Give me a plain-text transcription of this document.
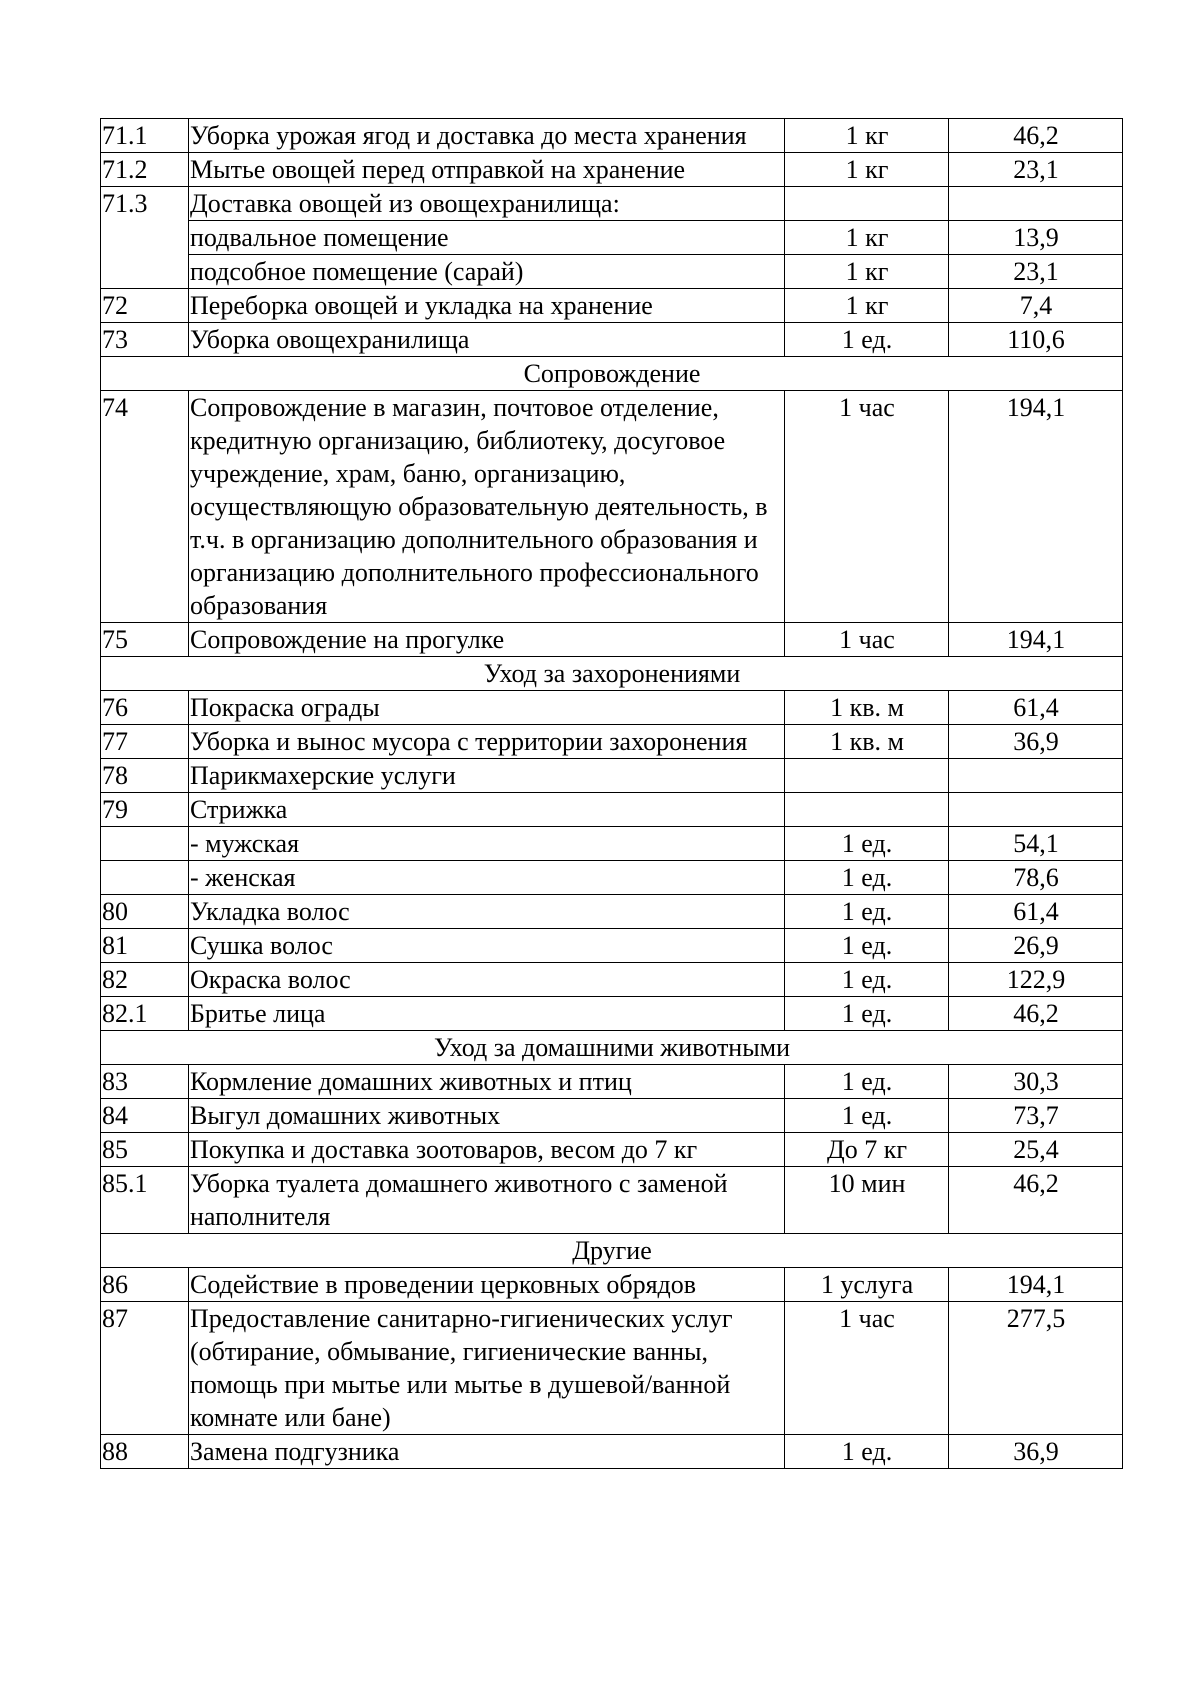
71.1	Уборка урожая ягод и доставка до места хранения	1 кг	46,2
71.2	Мытье овощей перед отправкой на хранение	1 кг	23,1
71.3	Доставка овощей из овощехранилища:		
	подвальное помещение	1 кг	13,9
	подсобное помещение (сарай)	1 кг	23,1
72	Переборка овощей и укладка на хранение	1 кг	7,4
73	Уборка овощехранилища	1 ед.	110,6
Сопровождение			
74	Сопровождение в магазин, почтовое отделение, кредитную организацию, библиотеку, досуговое учреждение, храм, баню, организацию, осуществляющую образовательную деятельность, в т.ч. в организацию дополнительного образования и организацию дополнительного профессионального образования	1 час	194,1
75	Сопровождение на прогулке	1 час	194,1
Уход за захоронениями			
76	Покраска ограды	1 кв. м	61,4
77	Уборка и вынос мусора с территории захоронения	1 кв. м	36,9
78	Парикмахерские услуги		
79	Стрижка		
	- мужская	1 ед.	54,1
	- женская	1 ед.	78,6
80	Укладка волос	1 ед.	61,4
81	Сушка волос	1 ед.	26,9
82	Окраска волос	1 ед.	122,9
82.1	Бритье лица	1 ед.	46,2
Уход за домашними животными			
83	Кормление домашних животных и птиц	1 ед.	30,3
84	Выгул домашних животных	1 ед.	73,7
85	Покупка и доставка зоотоваров, весом до 7 кг	До 7 кг	25,4
85.1	Уборка туалета домашнего животного с заменой наполнителя	10 мин	46,2
Другие			
86	Содействие в проведении церковных обрядов	1 услуга	194,1
87	Предоставление санитарно-гигиенических услуг (обтирание, обмывание, гигиенические ванны, помощь при мытье или мытье в душевой/ванной комнате или бане)	1 час	277,5
88	Замена подгузника	1 ед.	36,9
